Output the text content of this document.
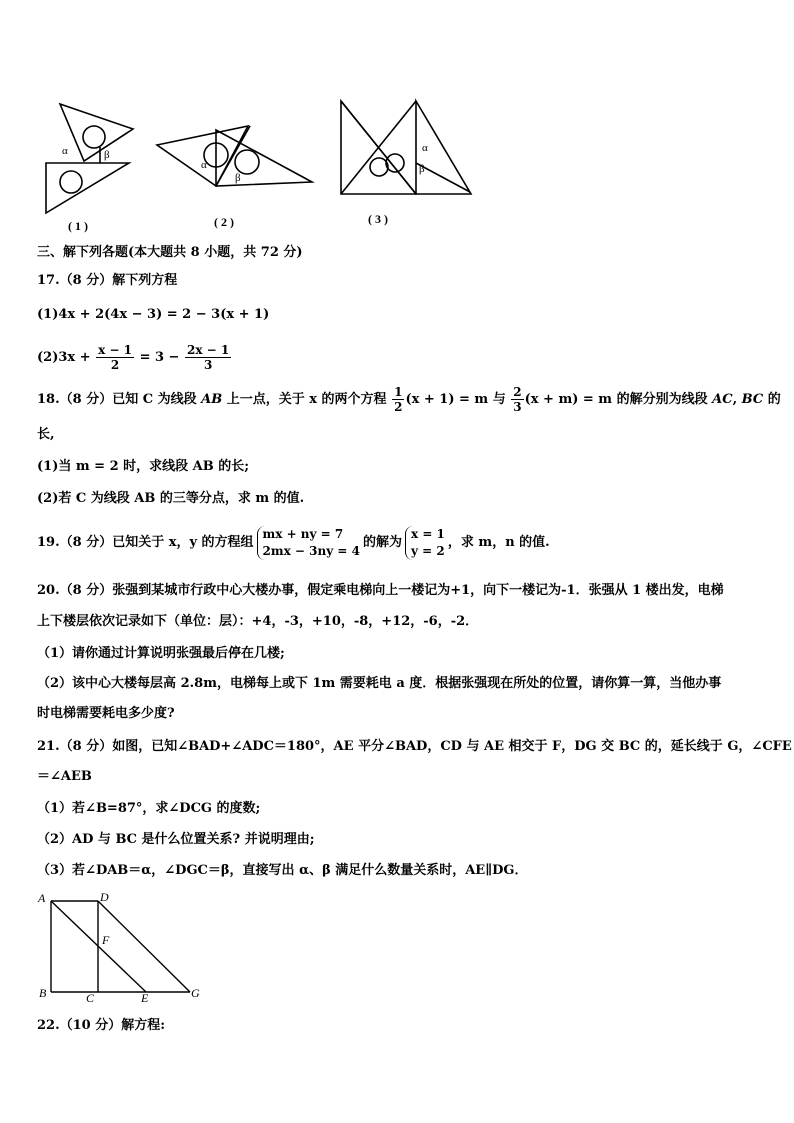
α	β
( 1 )
α
β
( 2 )
α
β
( 3 )
三、解下列各题(本大题共 8 小题，共 72 分)
17.（8 分）解下列方程
(1)4x + 2(4x − 3) = 2 − 3(x + 1)
$(2)3x + \frac{x - 1}{2} = 3 - \frac{2x - 1}{3}$
18.（8 分）已知 C 为线段 AB 上一点，关于 x 的两个方程 $\frac{1}{2} (x + 1) = m$ 与 $\frac{2}{3} (x + m) = m$ 的解分别为线段 AC, BC 的
长,
(1)当 m = 2 时，求线段 AB 的长;
(2)若 C 为线段 AB 的三等分点，求 m 的值.
19.（8 分）已知关于 x，y 的方程组
mx + ny = 7
2mx − 3ny = 4
的解为
x = 1
y = 2
，求 m，n 的值.
20.（8 分）张强到某城市行政中心大楼办事，假定乘电梯向上一楼记为+1，向下一楼记为-1．张强从 1 楼出发，电梯
上下楼层依次记录如下（单位：层）：+4，-3，+10，-8，+12，-6，-2．
（1）请你通过计算说明张强最后停在几楼;
（2）该中心大楼每层高 2.8m，电梯每上或下 1m 需要耗电 a 度．根据张强现在所处的位置，请你算一算，当他办事
时电梯需要耗电多少度?
21.（8 分）如图，已知∠BAD+∠ADC＝180°，AE 平分∠BAD，CD 与 AE 相交于 F，DG 交 BC 的，延长线于 G，∠CFE
＝∠AEB
（1）若∠B=87°，求∠DCG 的度数;
（2）AD 与 BC 是什么位置关系? 并说明理由;
（3）若∠DAB＝α，∠DGC＝β，直接写出 α、β 满足什么数量关系时，AE∥DG．
A	D
F
B	C	E	G
22.（10 分）解方程:
